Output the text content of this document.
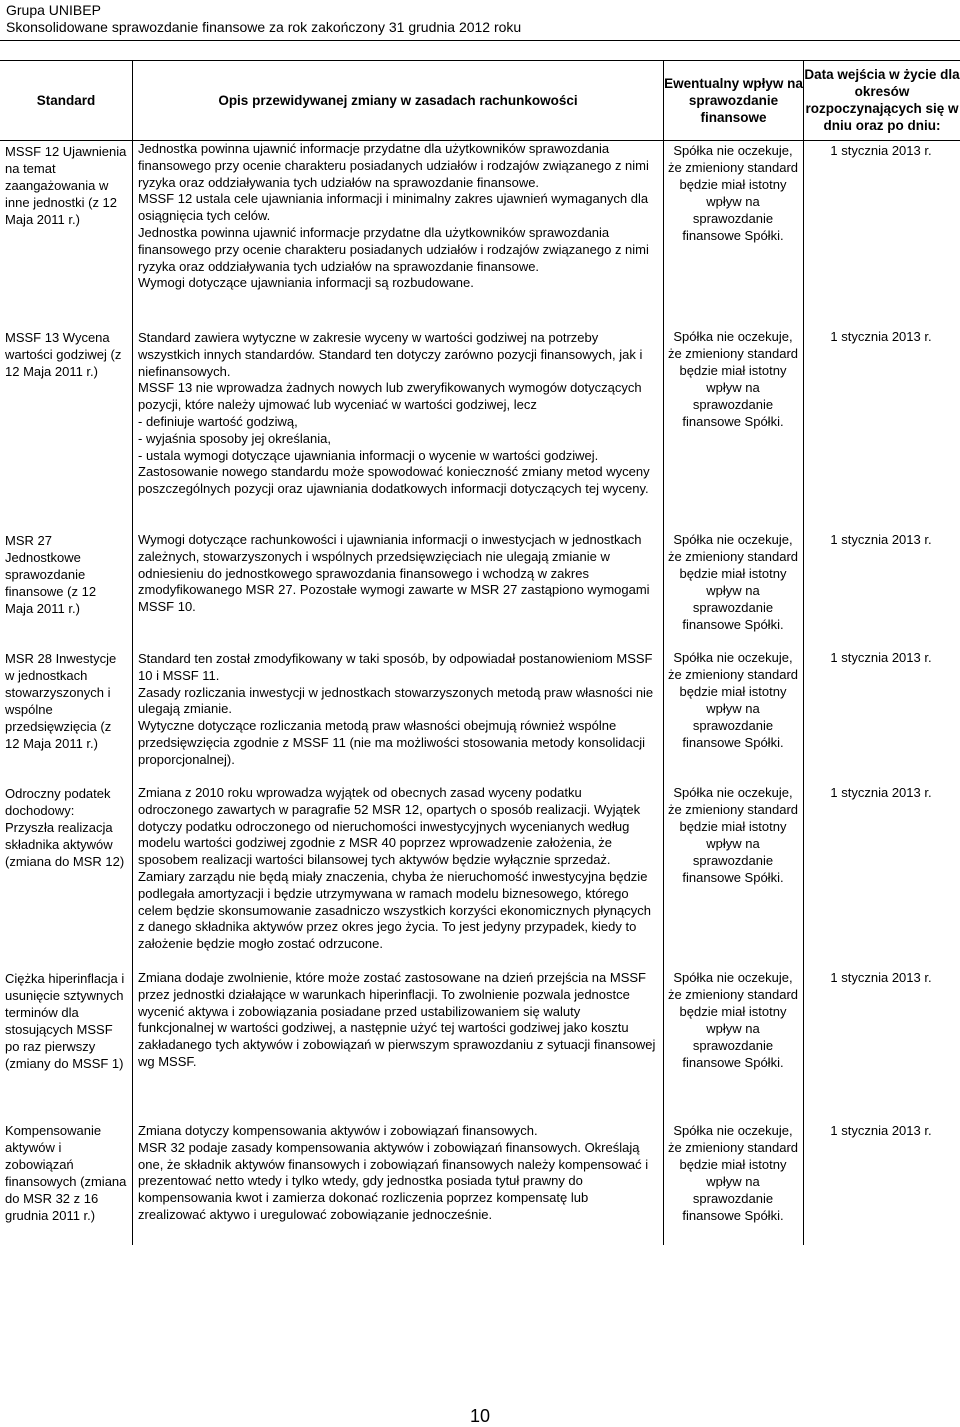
Grupa UNIBEP
Skonsolidowane sprawozdanie finansowe za rok zakończony 31 grudnia 2012 roku
Standard	Opis przewidywanej zmiany w zasadach rachunkowości
Ewentualny wpływ na sprawozdanie finansowe
Data wejścia w życie dla okresów rozpoczynających się w dniu oraz po dniu:
MSSF 12 Ujawnienia na temat zaangażowania w inne jednostki (z 12 Maja 2011 r.)
MSSF 13 Wycena wartości godziwej (z 12 Maja 2011 r.)
MSR 27 Jednostkowe sprawozdanie finansowe (z 12 Maja 2011 r.)
MSR 28 Inwestycje w jednostkach stowarzyszonych i wspólne przedsięwzięcia (z 12 Maja 2011 r.)
Odroczny podatek dochodowy: Przyszła realizacja składnika aktywów (zmiana do MSR 12)
Ciężka hiperinflacja i usunięcie sztywnych terminów dla stosujących MSSF po raz pierwszy (zmiany do MSSF 1)
Kompensowanie aktywów i zobowiązań finansowych (zmiana do MSR 32 z 16 grudnia 2011 r.)

Jednostka powinna ujawnić informacje przydatne dla użytkowników sprawozdania finansowego przy ocenie charakteru posiadanych udziałów i rodzajów związanego z nimi ryzyka oraz oddziaływania tych udziałów na sprawozdanie finansowe.

MSSF 12 ustala cele ujawniania informacji i minimalny zakres ujawnień wymaganych dla osiągnięcia tych celów.

Jednostka powinna ujawnić informacje przydatne dla użytkowników sprawozdania finansowego przy ocenie charakteru posiadanych udziałów i rodzajów związanego z nimi ryzyka oraz oddziaływania tych udziałów na sprawozdanie finansowe.

Wymogi dotyczące ujawniania informacji są rozbudowane.

Standard zawiera wytyczne w zakresie wyceny w wartości godziwej na potrzeby wszystkich innych standardów. Standard ten dotyczy zarówno pozycji finansowych, jak i niefinansowych.

MSSF 13 nie wprowadza żadnych nowych lub zweryfikowanych wymogów dotyczących pozycji, które należy ujmować lub wyceniać w wartości godziwej, lecz

- definiuje wartość godziwą,

- wyjaśnia sposoby jej określania,

- ustala wymogi dotyczące ujawniania informacji o wycenie w wartości godziwej.

Zastosowanie nowego standardu może spowodować konieczność zmiany metod wyceny poszczególnych pozycji oraz ujawniania dodatkowych informacji dotyczących tej wyceny.

Wymogi dotyczące rachunkowości i ujawniania informacji o inwestycjach w jednostkach zależnych, stowarzyszonych i wspólnych przedsięwzięciach nie ulegają zmianie w odniesieniu do jednostkowego sprawozdania finansowego i wchodzą w zakres zmodyfikowanego MSR 27. Pozostałe wymogi zawarte w MSR 27 zastąpiono wymogami MSSF 10.

Standard ten został zmodyfikowany w taki sposób, by odpowiadał postanowieniom MSSF 10 i MSSF 11.

Zasady rozliczania inwestycji w jednostkach stowarzyszonych metodą praw własności nie ulegają zmianie.

Wytyczne dotyczące rozliczania metodą praw własności obejmują również wspólne przedsięwzięcia zgodnie z MSSF 11 (nie ma możliwości stosowania metody konsolidacji proporcjonalnej).

Zmiana z 2010 roku wprowadza wyjątek od obecnych zasad wyceny podatku odroczonego zawartych w paragrafie 52 MSR 12, opartych o sposób realizacji. Wyjątek dotyczy podatku odroczonego od nieruchomości inwestycyjnych wycenianych według modelu wartości godziwej zgodnie z MSR 40 poprzez wprowadzenie założenia, że sposobem realizacji wartości bilansowej tych aktywów będzie wyłącznie sprzedaż. Zamiary zarządu nie będą miały znaczenia, chyba że nieruchomość inwestycyjna będzie podlegała amortyzacji i będzie utrzymywana w ramach modelu biznesowego, którego celem będzie skonsumowanie zasadniczo wszystkich korzyści ekonomicznych płynących z danego składnika aktywów przez okres jego życia. To jest jedyny przypadek, kiedy to założenie będzie mogło zostać odrzucone.

Zmiana dodaje zwolnienie, które może zostać zastosowane na dzień przejścia na MSSF przez jednostki działające w warunkach hiperinflacji. To zwolnienie pozwala jednostce wycenić aktywa i zobowiązania posiadane przed ustabilizowaniem się waluty funkcjonalnej w wartości godziwej, a następnie użyć tej wartości godziwej jako kosztu zakładanego tych aktywów i zobowiązań w pierwszym sprawozdaniu z sytuacji finansowej wg MSSF.

Zmiana dotyczy kompensowania aktywów i zobowiązań finansowych.

MSR 32 podaje zasady kompensowania aktywów i zobowiązań finansowych. Określają one, że składnik aktywów finansowych i zobowiązań finansowych należy kompensować i prezentować netto wtedy i tylko wtedy, gdy jednostka posiada tytuł prawny do kompensowania kwot i zamierza dokonać rozliczenia poprzez kompensatę lub zrealizować aktywo i uregulować zobowiązanie jednocześnie.

Spółka nie oczekuje, że zmieniony standard będzie miał istotny wpływ na sprawozdanie finansowe Spółki.
Spółka nie oczekuje, że zmieniony standard będzie miał istotny wpływ na sprawozdanie finansowe Spółki.
Spółka nie oczekuje, że zmieniony standard będzie miał istotny wpływ na sprawozdanie finansowe Spółki.
Spółka nie oczekuje, że zmieniony standard będzie miał istotny wpływ na sprawozdanie finansowe Spółki.
Spółka nie oczekuje, że zmieniony standard będzie miał istotny wpływ na sprawozdanie finansowe Spółki.
Spółka nie oczekuje, że zmieniony standard będzie miał istotny wpływ na sprawozdanie finansowe Spółki.
Spółka nie oczekuje, że zmieniony standard będzie miał istotny wpływ na sprawozdanie finansowe Spółki.
1 stycznia 2013 r.
1 stycznia 2013 r.
1 stycznia 2013 r.
1 stycznia 2013 r.
1 stycznia 2013 r.
1 stycznia 2013 r.
1 stycznia 2013 r.
10
